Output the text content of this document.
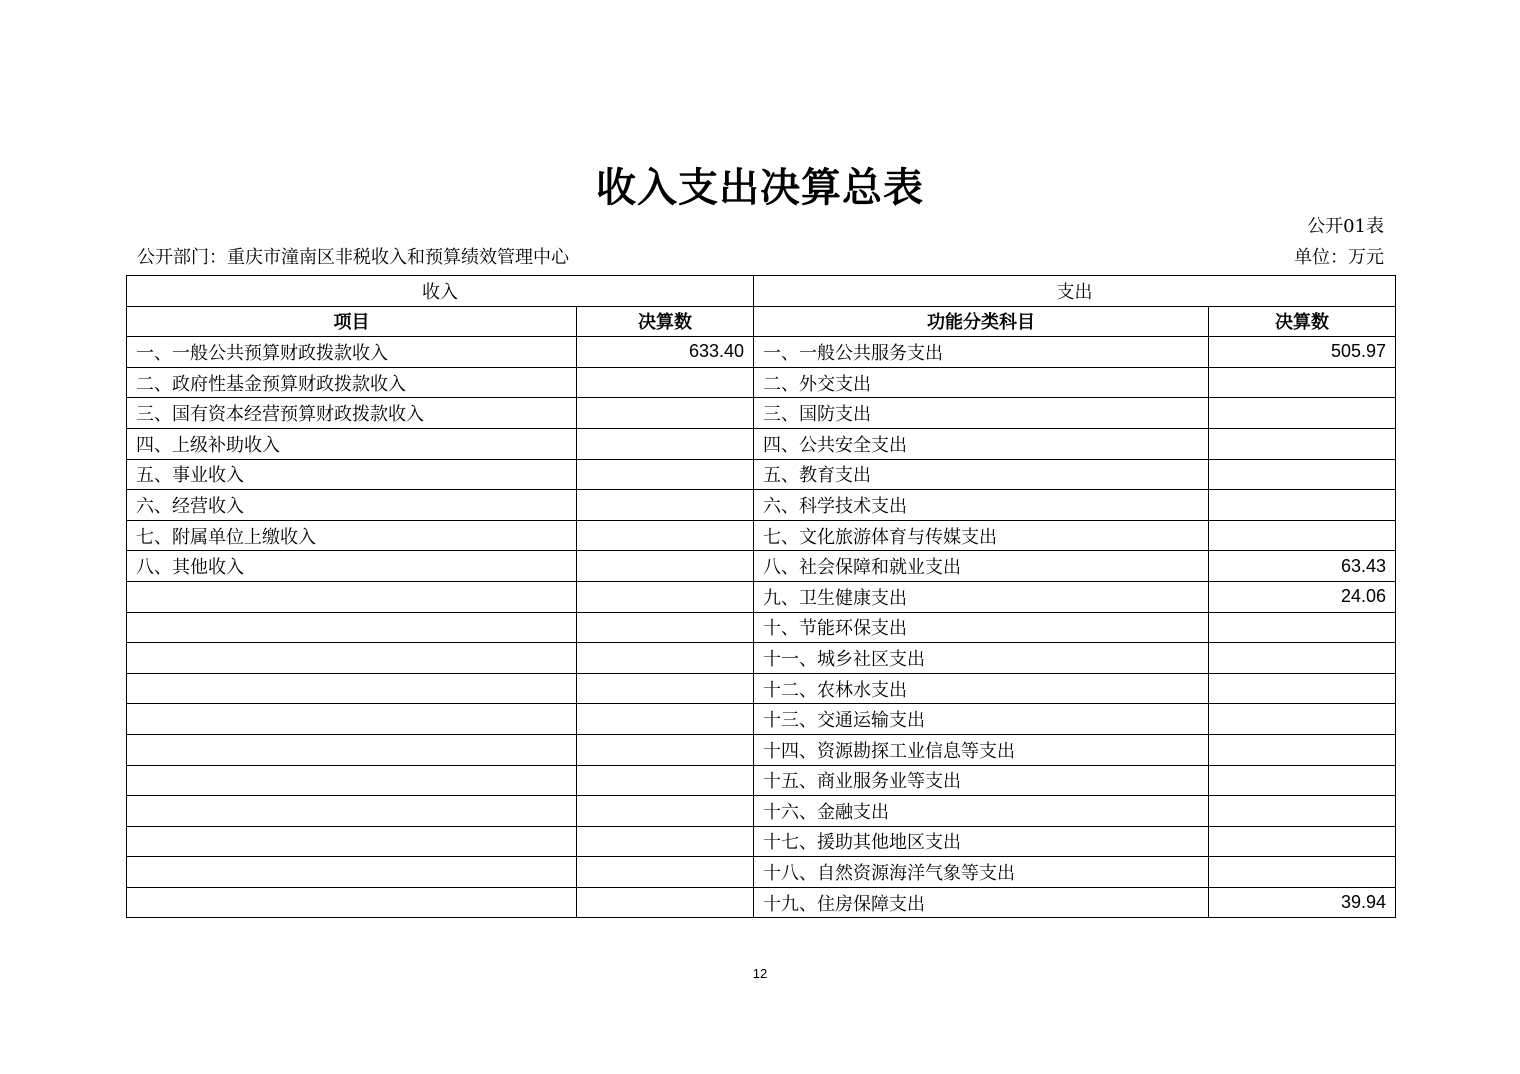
收入支出决算总表
公开01表
公开部门：重庆市潼南区非税收入和预算绩效管理中心	单位：万元
收入		支出	
项目	决算数	功能分类科目	决算数
一、一般公共预算财政拨款收入	633.40	一、一般公共服务支出	505.97
二、政府性基金预算财政拨款收入		二、外交支出	
三、国有资本经营预算财政拨款收入		三、国防支出	
四、上级补助收入		四、公共安全支出	
五、事业收入		五、教育支出	
六、经营收入		六、科学技术支出	
七、附属单位上缴收入		七、文化旅游体育与传媒支出	
八、其他收入		八、社会保障和就业支出	63.43
		九、卫生健康支出	24.06
		十、节能环保支出	
		十一、城乡社区支出	
		十二、农林水支出	
		十三、交通运输支出	
		十四、资源勘探工业信息等支出	
		十五、商业服务业等支出	
		十六、金融支出	
		十七、援助其他地区支出	
		十八、自然资源海洋气象等支出	
		十九、住房保障支出	39.94
12
